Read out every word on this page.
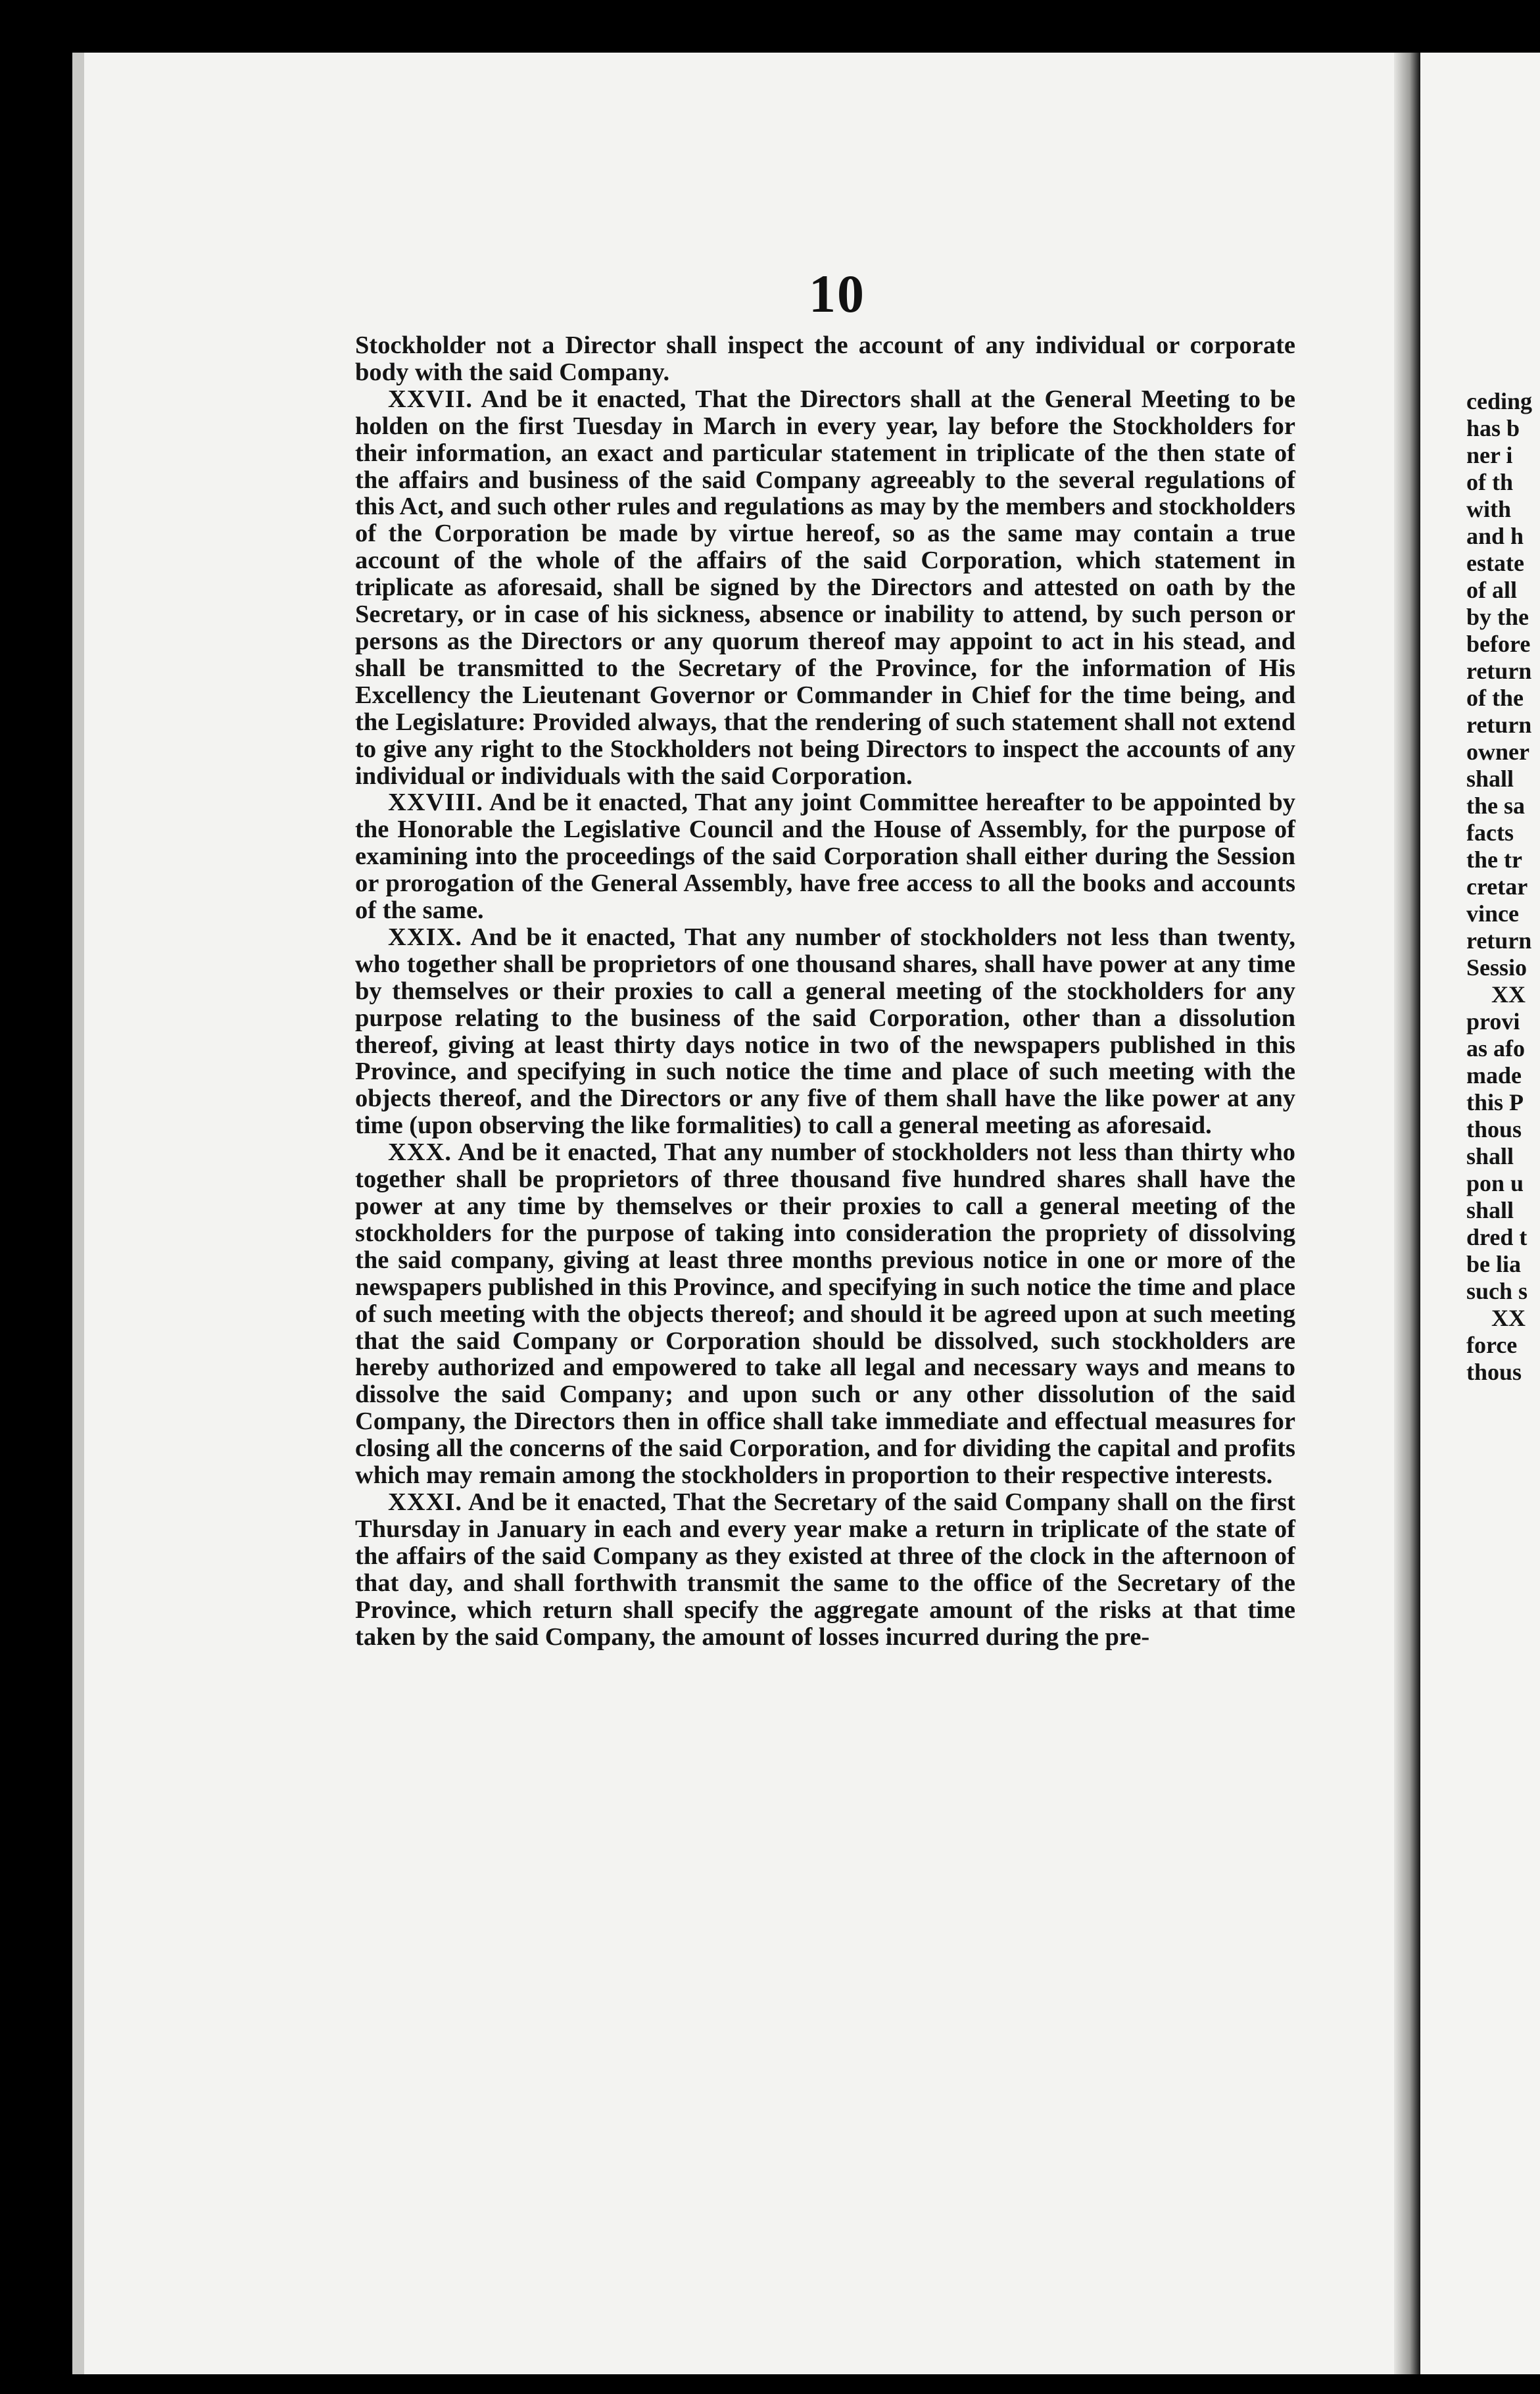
10

Stockholder not a Director shall inspect the account of any individual or corporate body with the said Company.

XXVII. And be it enacted, That the Directors shall at the General Meeting to be holden on the first Tuesday in March in every year, lay before the Stockholders for their information, an exact and particular statement in triplicate of the then state of the affairs and business of the said Company agreeably to the several regulations of this Act, and such other rules and regulations as may by the members and stockholders of the Corporation be made by virtue hereof, so as the same may contain a true account of the whole of the affairs of the said Corporation, which statement in triplicate as aforesaid, shall be signed by the Directors and attested on oath by the Secretary, or in case of his sickness, absence or inability to attend, by such person or persons as the Directors or any quorum thereof may appoint to act in his stead, and shall be transmitted to the Secretary of the Province, for the information of His Excellency the Lieutenant Governor or Commander in Chief for the time being, and the Legislature: Provided always, that the rendering of such statement shall not extend to give any right to the Stockholders not being Directors to inspect the accounts of any individual or individuals with the said Corporation.

XXVIII. And be it enacted, That any joint Committee hereafter to be appointed by the Honorable the Legislative Council and the House of Assembly, for the purpose of examining into the proceedings of the said Corporation shall either during the Session or prorogation of the General Assembly, have free access to all the books and accounts of the same.

XXIX. And be it enacted, That any number of stockholders not less than twenty, who together shall be proprietors of one thousand shares, shall have power at any time by themselves or their proxies to call a general meeting of the stockholders for any purpose relating to the business of the said Corporation, other than a dissolution thereof, giving at least thirty days notice in two of the newspapers published in this Province, and specifying in such notice the time and place of such meeting with the objects thereof, and the Directors or any five of them shall have the like power at any time (upon observing the like formalities) to call a general meeting as aforesaid.

XXX. And be it enacted, That any number of stockholders not less than thirty who together shall be proprietors of three thousand five hundred shares shall have the power at any time by themselves or their proxies to call a general meeting of the stockholders for the purpose of taking into consideration the propriety of dissolving the said company, giving at least three months previous notice in one or more of the newspapers published in this Province, and specifying in such notice the time and place of such meeting with the objects thereof; and should it be agreed upon at such meeting that the said Company or Corporation should be dissolved, such stockholders are hereby authorized and empowered to take all legal and necessary ways and means to dissolve the said Company; and upon such or any other dissolution of the said Company, the Directors then in office shall take immediate and effectual measures for closing all the concerns of the said Corporation, and for dividing the capital and profits which may remain among the stockholders in proportion to their respective interests.

XXXI. And be it enacted, That the Secretary of the said Company shall on the first Thursday in January in each and every year make a return in triplicate of the state of the affairs of the said Company as they existed at three of the clock in the afternoon of that day, and shall forthwith transmit the same to the office of the Secretary of the Province, which return shall specify the aggregate amount of the risks at that time taken by the said Company, the amount of losses incurred during the pre-

ceding
has b
ner i
of th
with
and h
estate
of all
by the
before
return
of the
return
owner
shall
the sa
facts
the tr
cretar
vince
return
Sessio
XX
provi
as afo
made
this P
thous
shall
pon u
shall
dred t
be lia
such s
XX
force
thous
